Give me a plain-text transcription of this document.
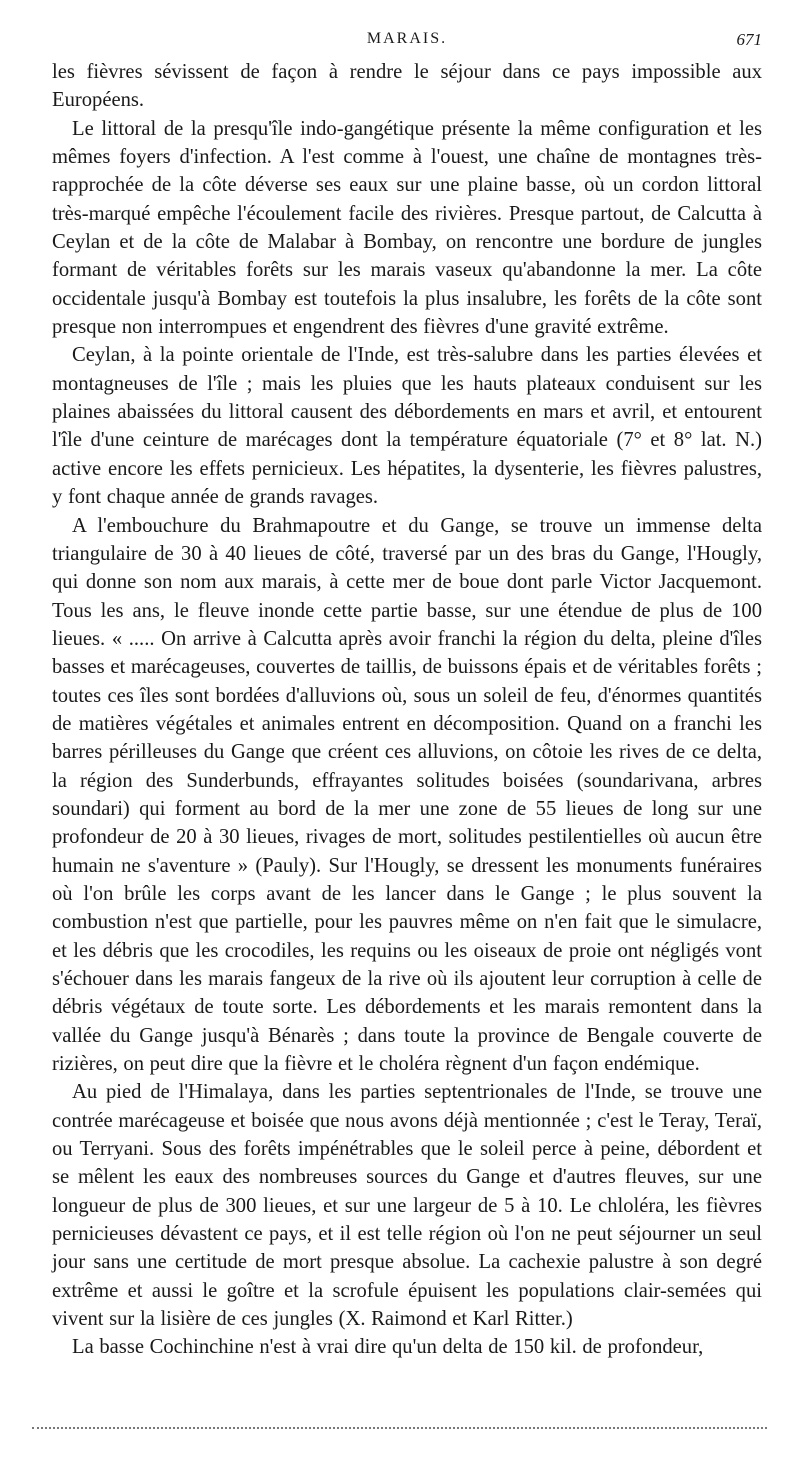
MARAIS.	671

les fièvres sévissent de façon à rendre le séjour dans ce pays impossible aux Européens.

Le littoral de la presqu'île indo-gangétique présente la même configuration et les mêmes foyers d'infection. A l'est comme à l'ouest, une chaîne de montagnes très-rapprochée de la côte déverse ses eaux sur une plaine basse, où un cordon littoral très-marqué empêche l'écoulement facile des rivières. Presque partout, de Calcutta à Ceylan et de la côte de Malabar à Bombay, on rencontre une bordure de jungles formant de véritables forêts sur les marais vaseux qu'abandonne la mer. La côte occidentale jusqu'à Bombay est toutefois la plus insalubre, les forêts de la côte sont presque non interrompues et engendrent des fièvres d'une gravité extrême.

Ceylan, à la pointe orientale de l'Inde, est très-salubre dans les parties élevées et montagneuses de l'île ; mais les pluies que les hauts plateaux conduisent sur les plaines abaissées du littoral causent des débordements en mars et avril, et entourent l'île d'une ceinture de marécages dont la température équatoriale (7° et 8° lat. N.) active encore les effets pernicieux. Les hépatites, la dysenterie, les fièvres palustres, y font chaque année de grands ravages.

A l'embouchure du Brahmapoutre et du Gange, se trouve un immense delta triangulaire de 30 à 40 lieues de côté, traversé par un des bras du Gange, l'Hougly, qui donne son nom aux marais, à cette mer de boue dont parle Victor Jacquemont. Tous les ans, le fleuve inonde cette partie basse, sur une étendue de plus de 100 lieues. « ..... On arrive à Calcutta après avoir franchi la région du delta, pleine d'îles basses et marécageuses, couvertes de taillis, de buissons épais et de véritables forêts ; toutes ces îles sont bordées d'alluvions où, sous un soleil de feu, d'énormes quantités de matières végétales et animales entrent en décomposition. Quand on a franchi les barres périlleuses du Gange que créent ces alluvions, on côtoie les rives de ce delta, la région des Sunderbunds, effrayantes solitudes boisées (soundarivana, arbres soundari) qui forment au bord de la mer une zone de 55 lieues de long sur une profondeur de 20 à 30 lieues, rivages de mort, solitudes pestilentielles où aucun être humain ne s'aventure » (Pauly). Sur l'Hougly, se dressent les monuments funéraires où l'on brûle les corps avant de les lancer dans le Gange ; le plus souvent la combustion n'est que partielle, pour les pauvres même on n'en fait que le simulacre, et les débris que les crocodiles, les requins ou les oiseaux de proie ont négligés vont s'échouer dans les marais fangeux de la rive où ils ajoutent leur corruption à celle de débris végétaux de toute sorte. Les débordements et les marais remontent dans la vallée du Gange jusqu'à Bénarès ; dans toute la province de Bengale couverte de rizières, on peut dire que la fièvre et le choléra règnent d'un façon endémique.

Au pied de l'Himalaya, dans les parties septentrionales de l'Inde, se trouve une contrée marécageuse et boisée que nous avons déjà mentionnée ; c'est le Teray, Teraï, ou Terryani. Sous des forêts impénétrables que le soleil perce à peine, débordent et se mêlent les eaux des nombreuses sources du Gange et d'autres fleuves, sur une longueur de plus de 300 lieues, et sur une largeur de 5 à 10. Le chloléra, les fièvres pernicieuses dévastent ce pays, et il est telle région où l'on ne peut séjourner un seul jour sans une certitude de mort presque absolue. La cachexie palustre à son degré extrême et aussi le goître et la scrofule épuisent les populations clair-semées qui vivent sur la lisière de ces jungles (X. Raimond et Karl Ritter.)

La basse Cochinchine n'est à vrai dire qu'un delta de 150 kil. de profondeur,
